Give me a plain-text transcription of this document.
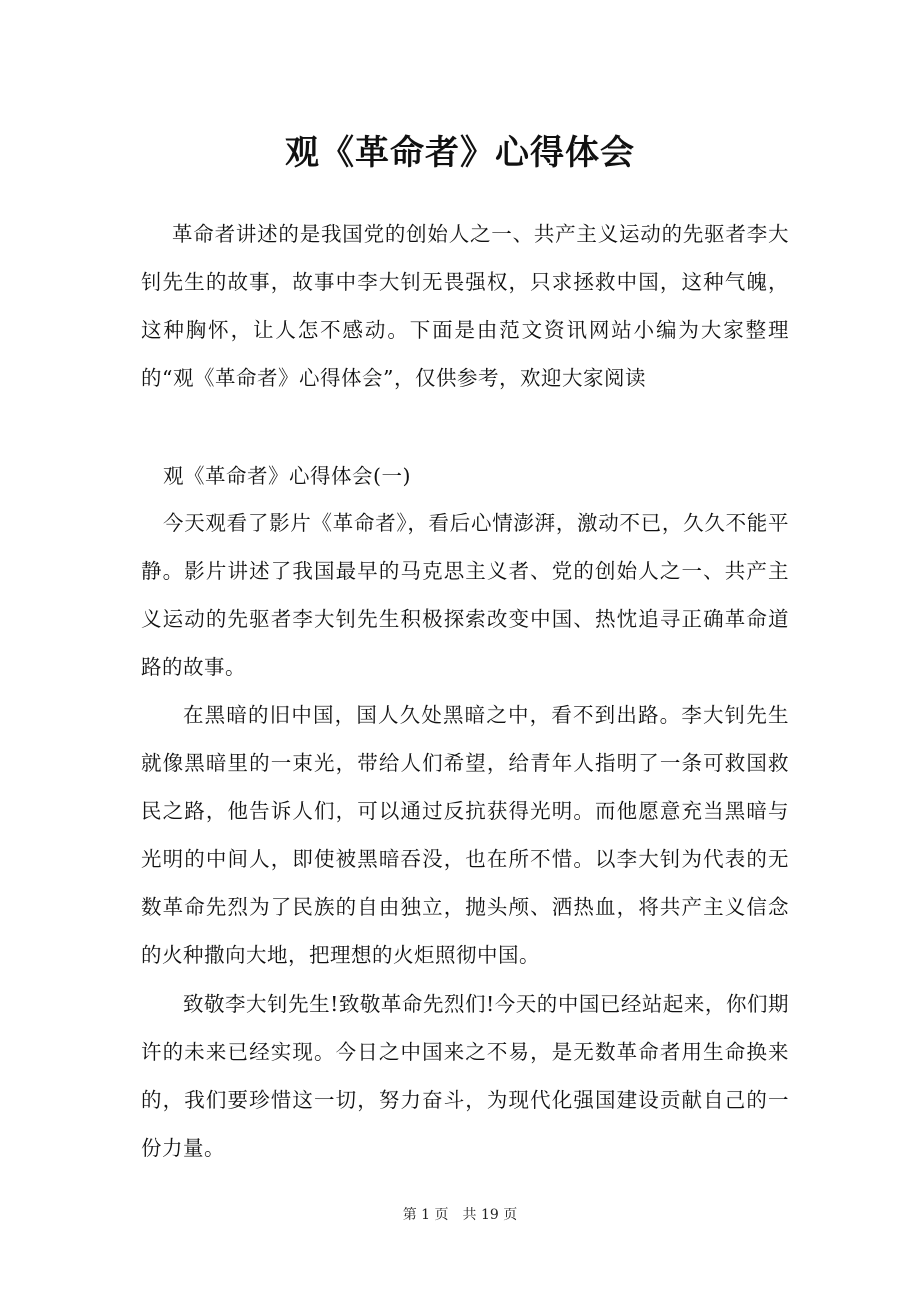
观《革命者》心得体会

革命者讲述的是我国党的创始人之一、共产主义运动的先驱者李大钊先生的故事，故事中李大钊无畏强权，只求拯救中国，这种气魄，这种胸怀，让人怎不感动。下面是由范文资讯网站小编为大家整理的“观《革命者》心得体会”，仅供参考，欢迎大家阅读

观《革命者》心得体会(一)

今天观看了影片《革命者》，看后心情澎湃，激动不已，久久不能平静。影片讲述了我国最早的马克思主义者、党的创始人之一、共产主义运动的先驱者李大钊先生积极探索改变中国、热忱追寻正确革命道路的故事。

在黑暗的旧中国，国人久处黑暗之中，看不到出路。李大钊先生就像黑暗里的一束光，带给人们希望，给青年人指明了一条可救国救民之路，他告诉人们，可以通过反抗获得光明。而他愿意充当黑暗与光明的中间人，即使被黑暗吞没，也在所不惜。以李大钊为代表的无数革命先烈为了民族的自由独立，抛头颅、洒热血，将共产主义信念的火种撒向大地，把理想的火炬照彻中国。

致敬李大钊先生!致敬革命先烈们!今天的中国已经站起来，你们期许的未来已经实现。今日之中国来之不易，是无数革命者用生命换来的，我们要珍惜这一切，努力奋斗，为现代化强国建设贡献自己的一份力量。

第 1 页 共 19 页
